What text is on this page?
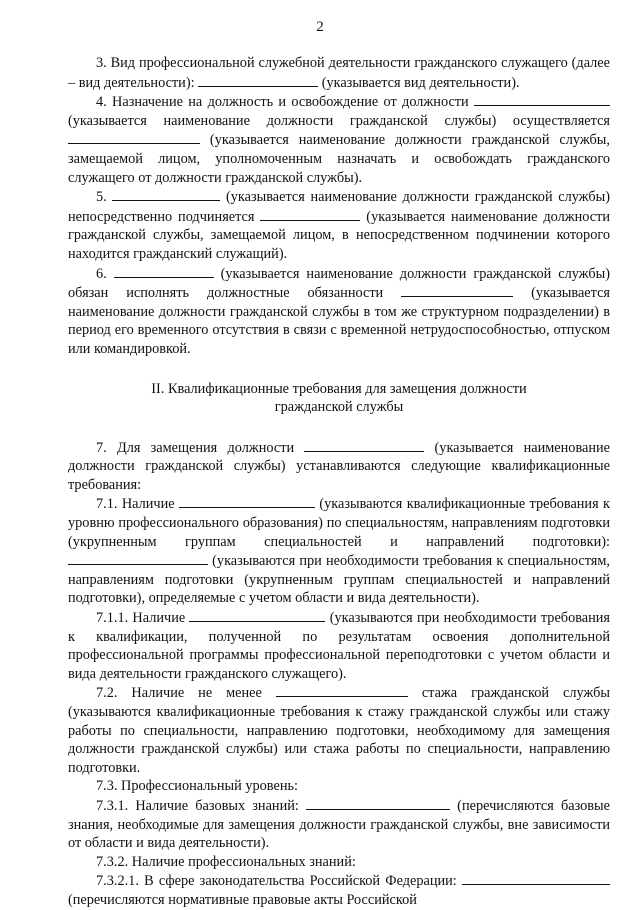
2

3. Вид профессиональной служебной деятельности гражданского служащего (далее – вид деятельности):	(указывается вид деятельности).

4. Назначение на должность и освобождение от должности  (указывается наименование должности гражданской службы) осуществляется  (указывается наименование должности гражданской службы, замещаемой лицом, уполномоченным назначать и освобождать гражданского служащего от должности гражданской службы).

5.	(указывается наименование должности гражданской службы) непосредственно подчиняется	(указывается наименование должности гражданской службы, замещаемой лицом, в непосредственном подчинении которого находится гражданский служащий).

6.	(указывается наименование должности гражданской службы) обязан исполнять должностные обязанности	(указывается наименование должности гражданской службы в том же структурном подразделении) в период его временного отсутствия в связи с временной нетрудоспособностью, отпуском или командировкой.

II. Квалификационные требования для замещения должности
гражданской службы

7. Для замещения должности	(указывается наименование должности гражданской службы) устанавливаются следующие квалификационные требования:

7.1. Наличие	(указываются квалификационные требования к уровню профессионального образования) по специальностям, направлениям подготовки (укрупненным группам специальностей и направлений подготовки):  (указываются при необходимости требования к специальностям, направлениям подготовки (укрупненным группам специальностей и направлений подготовки), определяемые с учетом области и вида деятельности).

7.1.1. Наличие	(указываются при необходимости требования к квалификации, полученной по результатам освоения дополнительной профессиональной программы профессиональной переподготовки с учетом области и вида деятельности гражданского служащего).

7.2. Наличие не менее	стажа гражданской службы (указываются квалификационные требования к стажу гражданской службы или стажу работы по специальности, направлению подготовки, необходимому для замещения должности гражданской службы) или стажа работы по специальности, направлению подготовки.

7.3. Профессиональный уровень:

7.3.1. Наличие базовых знаний:	(перечисляются базовые знания, необходимые для замещения должности гражданской службы, вне зависимости от области и вида деятельности).

7.3.2. Наличие профессиональных знаний:

7.3.2.1. В сфере законодательства Российской Федерации:  (перечисляются нормативные правовые акты Российской
